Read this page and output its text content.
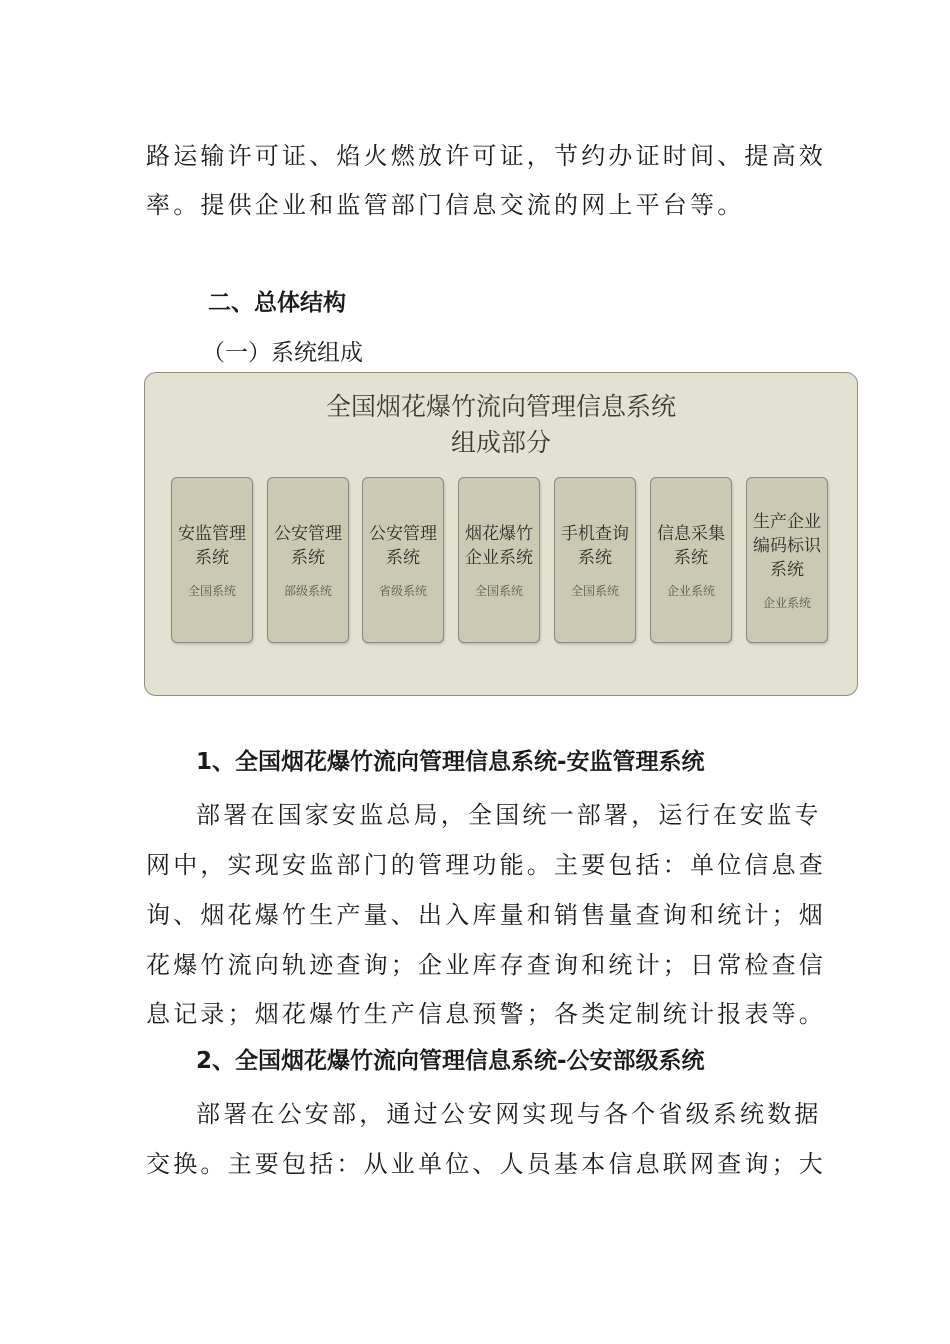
路运输许可证、焰火燃放许可证，节约办证时间、提高效

率。提供企业和监管部门信息交流的网上平台等。

二、总体结构

（一）系统组成

全国烟花爆竹流向管理信息系统
组成部分
安监管理
系统
全国系统
公安管理
系统
部级系统
公安管理
系统
省级系统
烟花爆竹
企业系统
全国系统
手机查询
系统
全国系统
信息采集
系统
企业系统
生产企业
编码标识
系统
企业系统
1、全国烟花爆竹流向管理信息系统-安监管理系统

部署在国家安监总局，全国统一部署，运行在安监专

网中，实现安监部门的管理功能。主要包括：单位信息查

询、烟花爆竹生产量、出入库量和销售量查询和统计；烟

花爆竹流向轨迹查询；企业库存查询和统计；日常检查信

息记录；烟花爆竹生产信息预警；各类定制统计报表等。

2、全国烟花爆竹流向管理信息系统-公安部级系统

部署在公安部，通过公安网实现与各个省级系统数据

交换。主要包括：从业单位、人员基本信息联网查询；大
